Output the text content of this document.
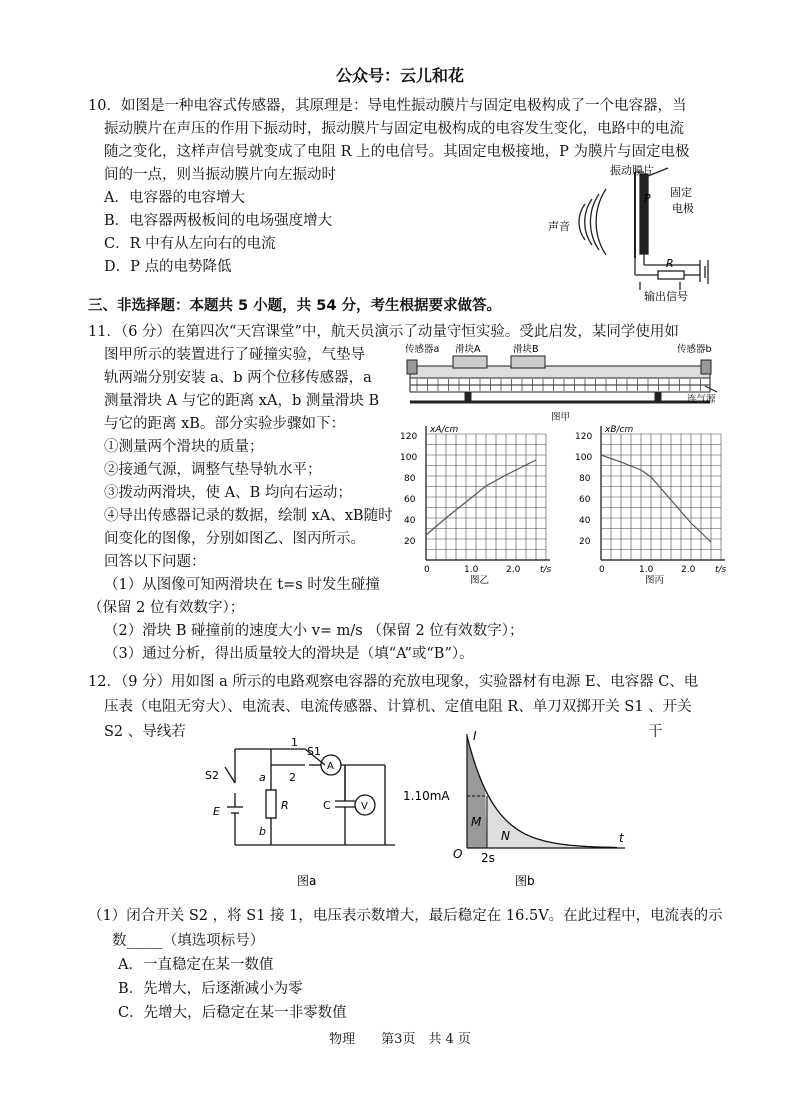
公众号：云儿和花
10．如图是一种电容式传感器，其原理是：导电性振动膜片与固定电极构成了一个电容器，当
振动膜片在声压的作用下振动时，振动膜片与固定电极构成的电容发生变化，电路中的电流
随之变化，这样声信号就变成了电阻 R 上的电信号。其固定电极接地，P 为膜片与固定电极
间的一点，则当振动膜片向左振动时
A．电容器的电容增大
B．电容器两极板间的电场强度增大
C．R 中有从左向右的电流
D．P 点的电势降低
振动膜片
固定
电极
声音
P
R
输出信号
三、非选择题：本题共 5 小题，共 54 分，考生根据要求做答。
11．（6 分）在第四次“天宫课堂”中，航天员演示了动量守恒实验。受此启发，某同学使用如
图甲所示的装置进行了碰撞实验，气垫导
轨两端分别安装 a、b 两个位移传感器，a
测量滑块 A 与它的距离 xA，b 测量滑块 B
与它的距离 xB。部分实验步骤如下：
①测量两个滑块的质量；
②接通气源，调整气垫导轨水平；
③拨动两滑块，使 A、B 均向右运动；
④导出传感器记录的数据，绘制 xA、xB随时
间变化的图像，分别如图乙、图丙所示。
回答以下问题：
（1）从图像可知两滑块在 t=s 时发生碰撞
（保留 2 位有效数字）；
（2）滑块 B 碰撞前的速度大小 v= m/s （保留 2 位有效数字）；
（3）通过分析，得出质量较大的滑块是（填“A”或“B”）。
传感器a 滑块A	滑块B	传感器b
连气源
图甲
xA/cm
t/s
20
40
60
80
100
120
0	1.0	2.0
图乙
xB/cm
t/s
20
40
60
80
100
120
0	1.0	2.0
图丙
12．（9 分）用如图 a 所示的电路观察电容器的充放电现象，实验器材有电源 E、电容器 C、电
压表（电阻无穷大）、电流表、电流传感器、计算机、定值电阻 R、单刀双掷开关 S1 、开关
S2 、导线若	干
1
S1
2
S2	a
b
R	C
E
A
V
图a
I
t
1.10mA
M
N
O 2s
图b
（1）闭合开关 S2 ，将 S1 接 1，电压表示数增大，最后稳定在 16.5V。在此过程中，电流表的示
数_____（填选项标号）
A．一直稳定在某一数值
B．先增大，后逐渐减小为零
C．先增大，后稳定在某一非零数值
物理　　第3页　共 4 页
